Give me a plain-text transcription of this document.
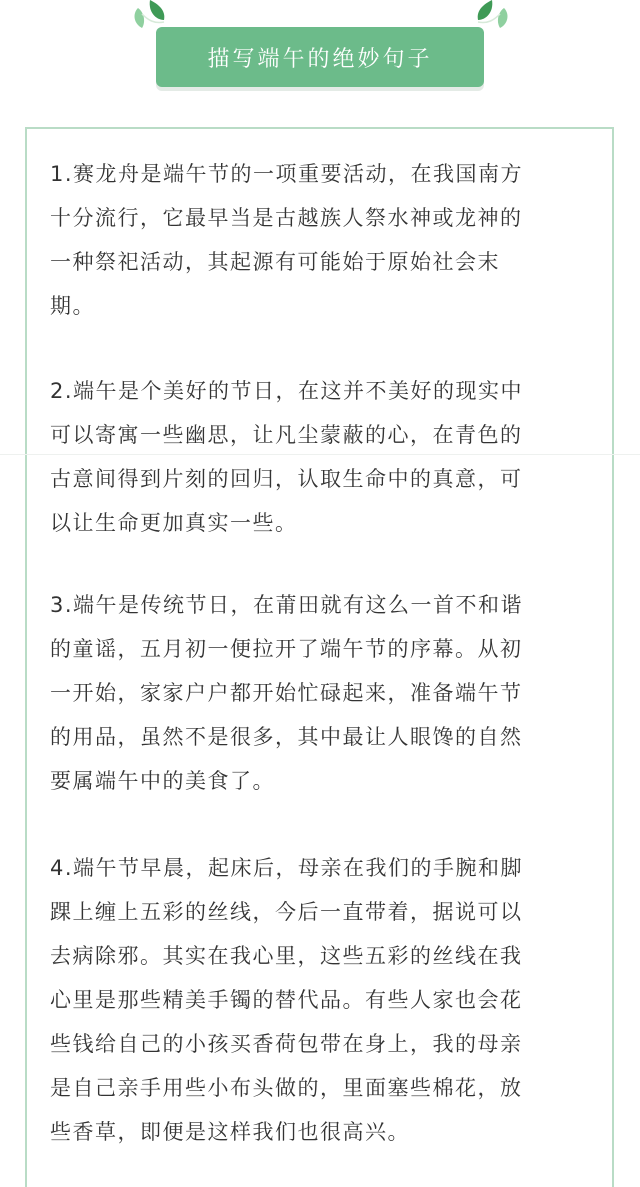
描写端午的绝妙句子

1.赛龙舟是端午节的一项重要活动，在我国南方
十分流行，它最早当是古越族人祭水神或龙神的
一种祭祀活动，其起源有可能始于原始社会末
期。

2.端午是个美好的节日，在这并不美好的现实中
可以寄寓一些幽思，让凡尘蒙蔽的心，在青色的
古意间得到片刻的回归，认取生命中的真意，可
以让生命更加真实一些。

3.端午是传统节日，在莆田就有这么一首不和谐
的童谣，五月初一便拉开了端午节的序幕。从初
一开始，家家户户都开始忙碌起来，准备端午节
的用品，虽然不是很多，其中最让人眼馋的自然
要属端午中的美食了。

4.端午节早晨，起床后，母亲在我们的手腕和脚
踝上缠上五彩的丝线，今后一直带着，据说可以
去病除邪。其实在我心里，这些五彩的丝线在我
心里是那些精美手镯的替代品。有些人家也会花
些钱给自己的小孩买香荷包带在身上，我的母亲
是自己亲手用些小布头做的，里面塞些棉花，放
些香草，即便是这样我们也很高兴。
